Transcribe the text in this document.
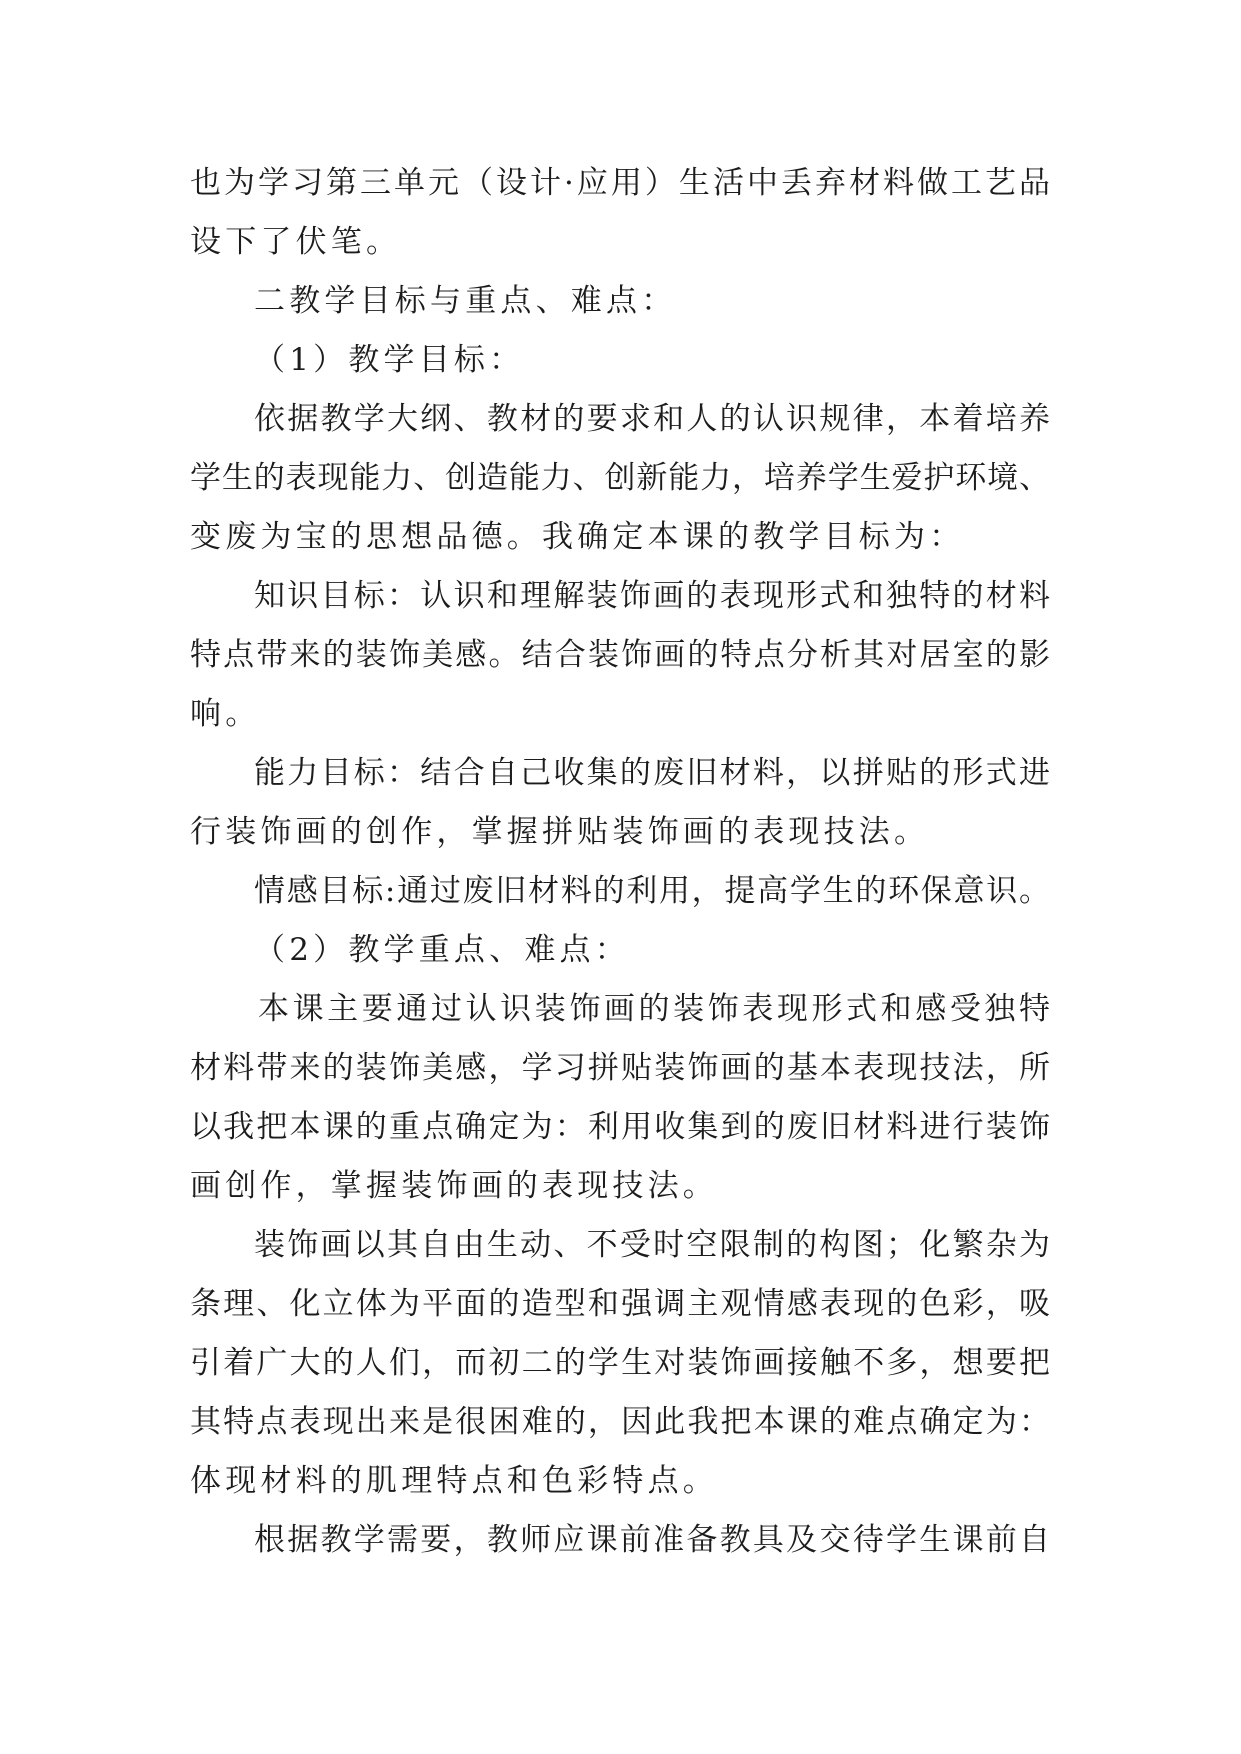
也为学习第三单元（设计·应用）生活中丢弃材料做工艺品
设下了伏笔。
二教学目标与重点、难点：
（1）教学目标：
依据教学大纲、教材的要求和人的认识规律，本着培养
学生的表现能力、创造能力、创新能力，培养学生爱护环境、
变废为宝的思想品德。我确定本课的教学目标为：
知识目标：认识和理解装饰画的表现形式和独特的材料
特点带来的装饰美感。结合装饰画的特点分析其对居室的影
响。
能力目标：结合自己收集的废旧材料，以拼贴的形式进
行装饰画的创作，掌握拼贴装饰画的表现技法。
情感目标:通过废旧材料的利用，提高学生的环保意识。
（2）教学重点、难点：
本课主要通过认识装饰画的装饰表现形式和感受独特
材料带来的装饰美感，学习拼贴装饰画的基本表现技法，所
以我把本课的重点确定为：利用收集到的废旧材料进行装饰
画创作，掌握装饰画的表现技法。
装饰画以其自由生动、不受时空限制的构图；化繁杂为
条理、化立体为平面的造型和强调主观情感表现的色彩，吸
引着广大的人们，而初二的学生对装饰画接触不多，想要把
其特点表现出来是很困难的，因此我把本课的难点确定为：
体现材料的肌理特点和色彩特点。
根据教学需要，教师应课前准备教具及交待学生课前自
